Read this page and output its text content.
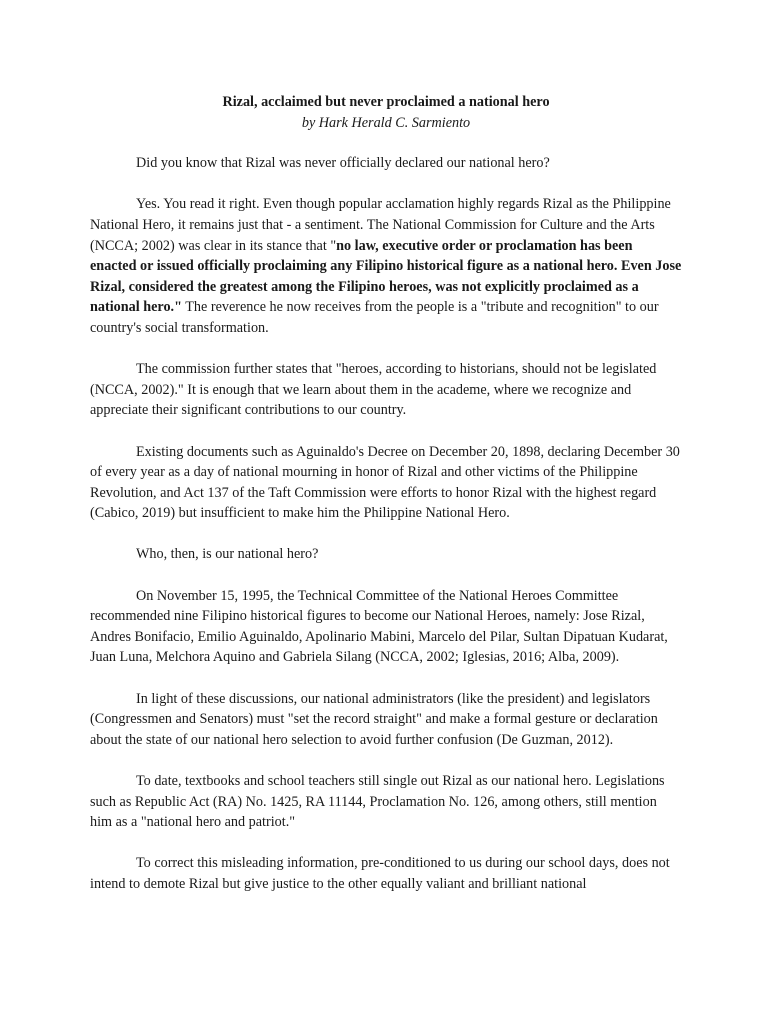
Rizal, acclaimed but never proclaimed a national hero
by Hark Herald C. Sarmiento

Did you know that Rizal was never officially declared our national hero?

Yes. You read it right. Even though popular acclamation highly regards Rizal as the Philippine National Hero, it remains just that - a sentiment. The National Commission for Culture and the Arts (NCCA; 2002) was clear in its stance that "no law, executive order or proclamation has been enacted or issued officially proclaiming any Filipino historical figure as a national hero. Even Jose Rizal, considered the greatest among the Filipino heroes, was not explicitly proclaimed as a national hero." The reverence he now receives from the people is a "tribute and recognition" to our country's social transformation.

The commission further states that "heroes, according to historians, should not be legislated (NCCA, 2002)." It is enough that we learn about them in the academe, where we recognize and appreciate their significant contributions to our country.

Existing documents such as Aguinaldo's Decree on December 20, 1898, declaring December 30 of every year as a day of national mourning in honor of Rizal and other victims of the Philippine Revolution, and Act 137 of the Taft Commission were efforts to honor Rizal with the highest regard (Cabico, 2019) but insufficient to make him the Philippine National Hero.

Who, then, is our national hero?

On November 15, 1995, the Technical Committee of the National Heroes Committee recommended nine Filipino historical figures to become our National Heroes, namely: Jose Rizal, Andres Bonifacio, Emilio Aguinaldo, Apolinario Mabini, Marcelo del Pilar, Sultan Dipatuan Kudarat, Juan Luna, Melchora Aquino and Gabriela Silang (NCCA, 2002; Iglesias, 2016; Alba, 2009).

In light of these discussions, our national administrators (like the president) and legislators (Congressmen and Senators) must "set the record straight" and make a formal gesture or declaration about the state of our national hero selection to avoid further confusion (De Guzman, 2012).

To date, textbooks and school teachers still single out Rizal as our national hero. Legislations such as Republic Act (RA) No. 1425, RA 11144, Proclamation No. 126, among others, still mention him as a "national hero and patriot."

To correct this misleading information, pre-conditioned to us during our school days, does not intend to demote Rizal but give justice to the other equally valiant and brilliant national
